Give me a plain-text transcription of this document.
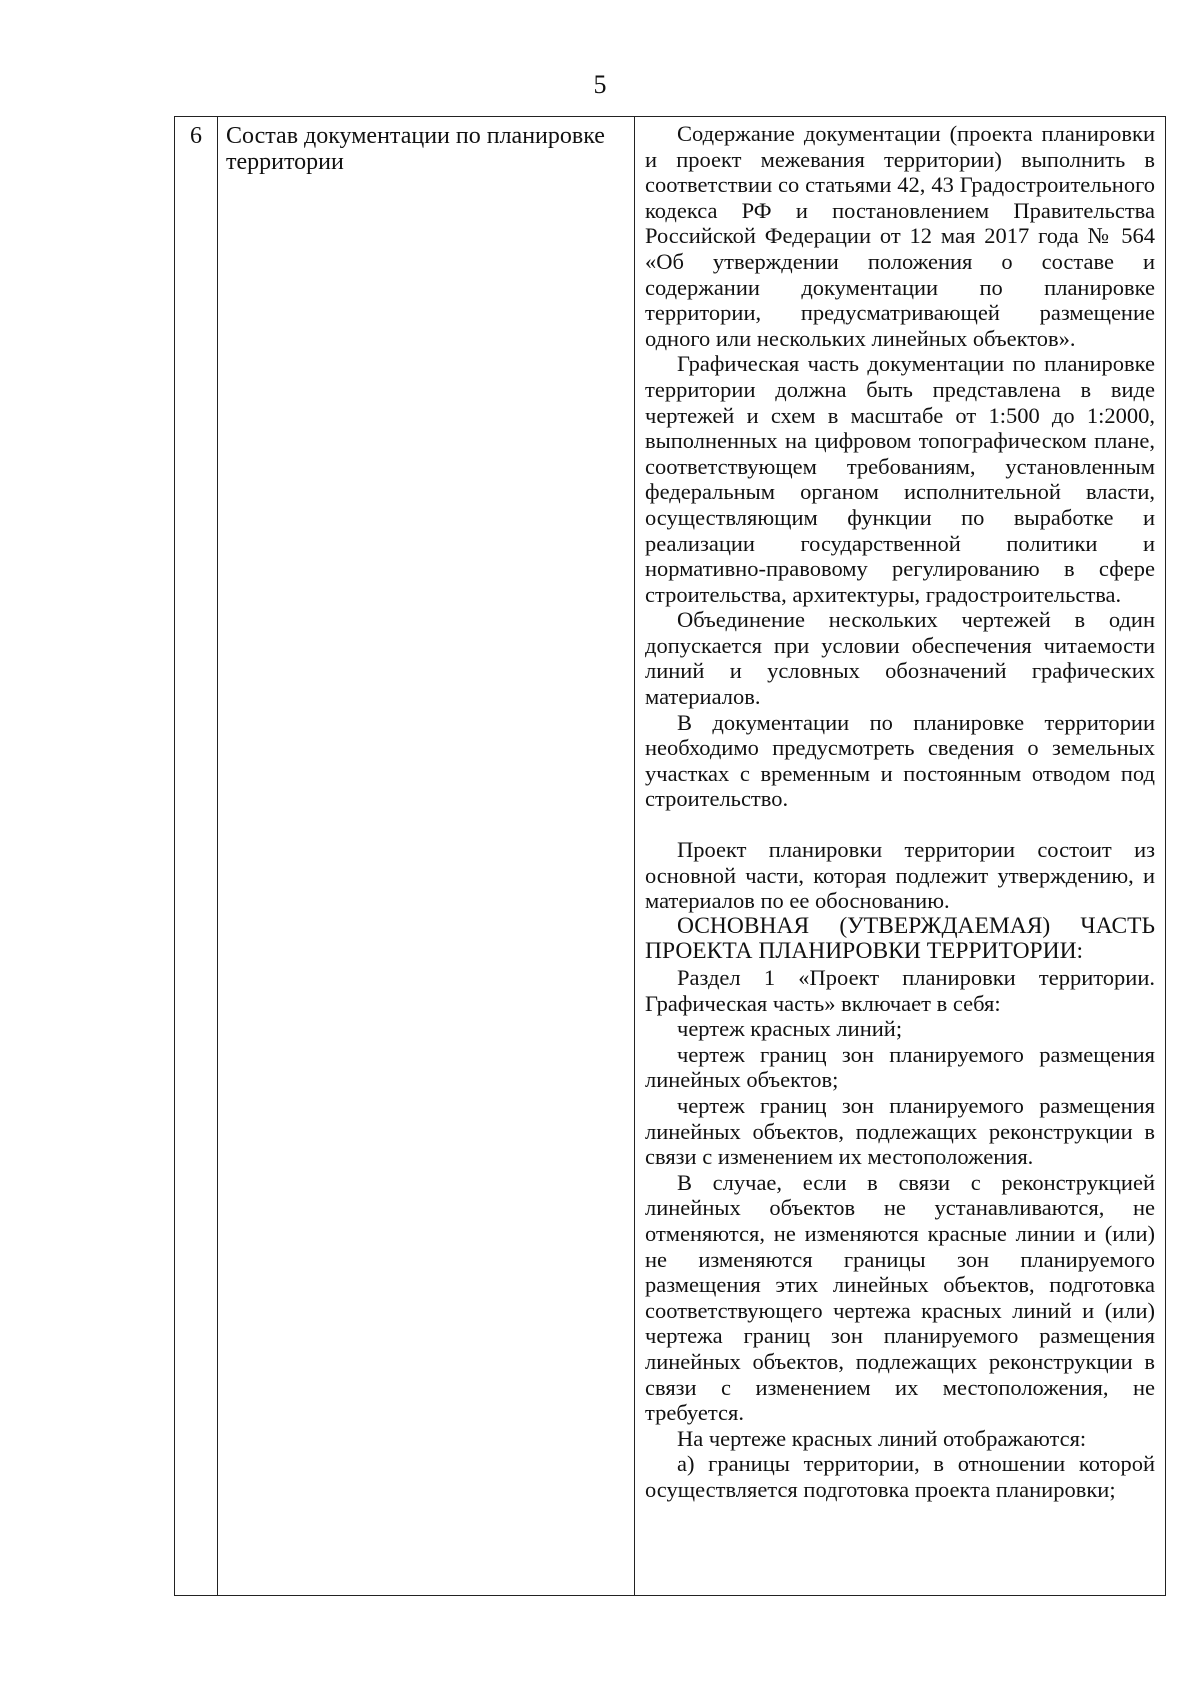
5
6	Состав документации по планировке территории

Содержание документации (проекта планировки и проект межевания территории) выполнить в соответствии со статьями 42, 43 Градостроительного кодекса РФ и постановлением Правительства Российской Федерации от 12 мая 2017 года № 564 «Об утверждении положения о составе и содержании документации по планировке территории, предусматривающей размещение одного или нескольких линейных объектов».

Графическая часть документации по планировке территории должна быть представлена в виде чертежей и схем в масштабе от 1:500 до 1:2000, выполненных на цифровом топографическом плане, соответствующем требованиям, установленным федеральным органом исполнительной власти, осуществляющим функции по выработке и реализации государственной политики и нормативно-правовому регулированию в сфере строительства, архитектуры, градостроительства.

Объединение нескольких чертежей в один допускается при условии обеспечения читаемости линий и условных обозначений графических материалов.

В документации по планировке территории необходимо предусмотреть сведения о земельных участках с временным и постоянным отводом под строительство.

Проект планировки территории состоит из основной части, которая подлежит утверждению, и материалов по ее обоснованию.

ОСНОВНАЯ (УТВЕРЖДАЕМАЯ) ЧАСТЬ ПРОЕКТА ПЛАНИРОВКИ ТЕРРИТОРИИ:

Раздел 1 «Проект планировки территории. Графическая часть» включает в себя:

чертеж красных линий;

чертеж границ зон планируемого размещения линейных объектов;

чертеж границ зон планируемого размещения линейных объектов, подлежащих реконструкции в связи с изменением их местоположения.

В случае, если в связи с реконструкцией линейных объектов не устанавливаются, не отменяются, не изменяются красные линии и (или) не изменяются границы зон планируемого размещения этих линейных объектов, подготовка соответствующего чертежа красных линий и (или) чертежа границ зон планируемого размещения линейных объектов, подлежащих реконструкции в связи с изменением их местоположения, не требуется.

На чертеже красных линий отображаются:

а) границы территории, в отношении которой осуществляется подготовка проекта планировки;
